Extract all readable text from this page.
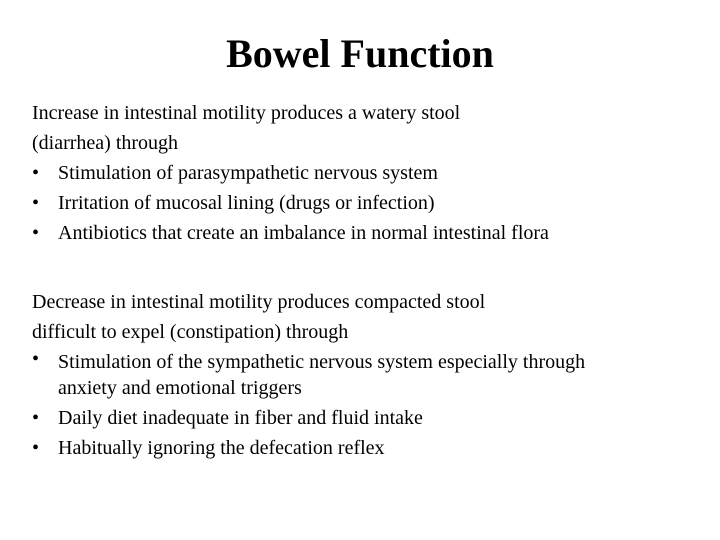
Bowel Function

Increase in intestinal motility produces a watery stool (diarrhea) through

• Stimulation of parasympathetic nervous system
• Irritation of mucosal lining (drugs or infection)
• Antibiotics that create an imbalance in normal intestinal flora

Decrease in intestinal motility produces compacted stool difficult to expel (constipation) through

• Stimulation of the sympathetic nervous system especially through anxiety and emotional triggers
• Daily diet inadequate in fiber and fluid intake
• Habitually ignoring the defecation reflex
